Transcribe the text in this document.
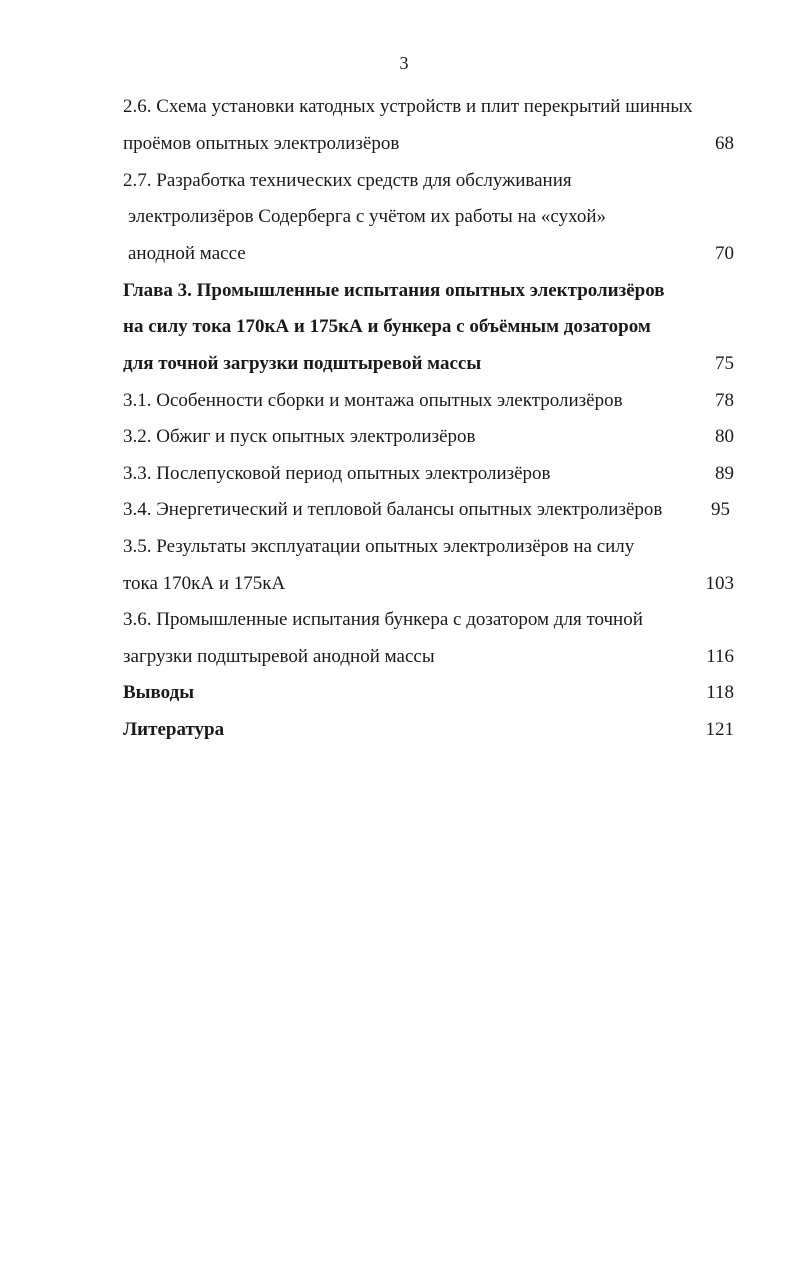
3
2.6. Схема установки катодных устройств и плит перекрытий шинных
проёмов опытных электролизёров	68
2.7. Разработка технических средств для обслуживания
электролизёров Содерберга с учётом их работы на «сухой»
анодной массе	70
Глава 3. Промышленные испытания опытных электролизёров
на силу тока 170кА и 175кА и бункера с объёмным дозатором
для точной загрузки подштыревой массы	75
3.1. Особенности сборки и монтажа опытных электролизёров	78
3.2. Обжиг и пуск опытных электролизёров	80
3.3. Послепусковой период опытных электролизёров	89
3.4. Энергетический и тепловой балансы опытных электролизёров	95
3.5. Результаты эксплуатации опытных электролизёров на силу
тока 170кА и 175кА	103
3.6. Промышленные испытания бункера с дозатором для точной
загрузки подштыревой анодной массы	116
Выводы	118
Литература	121
